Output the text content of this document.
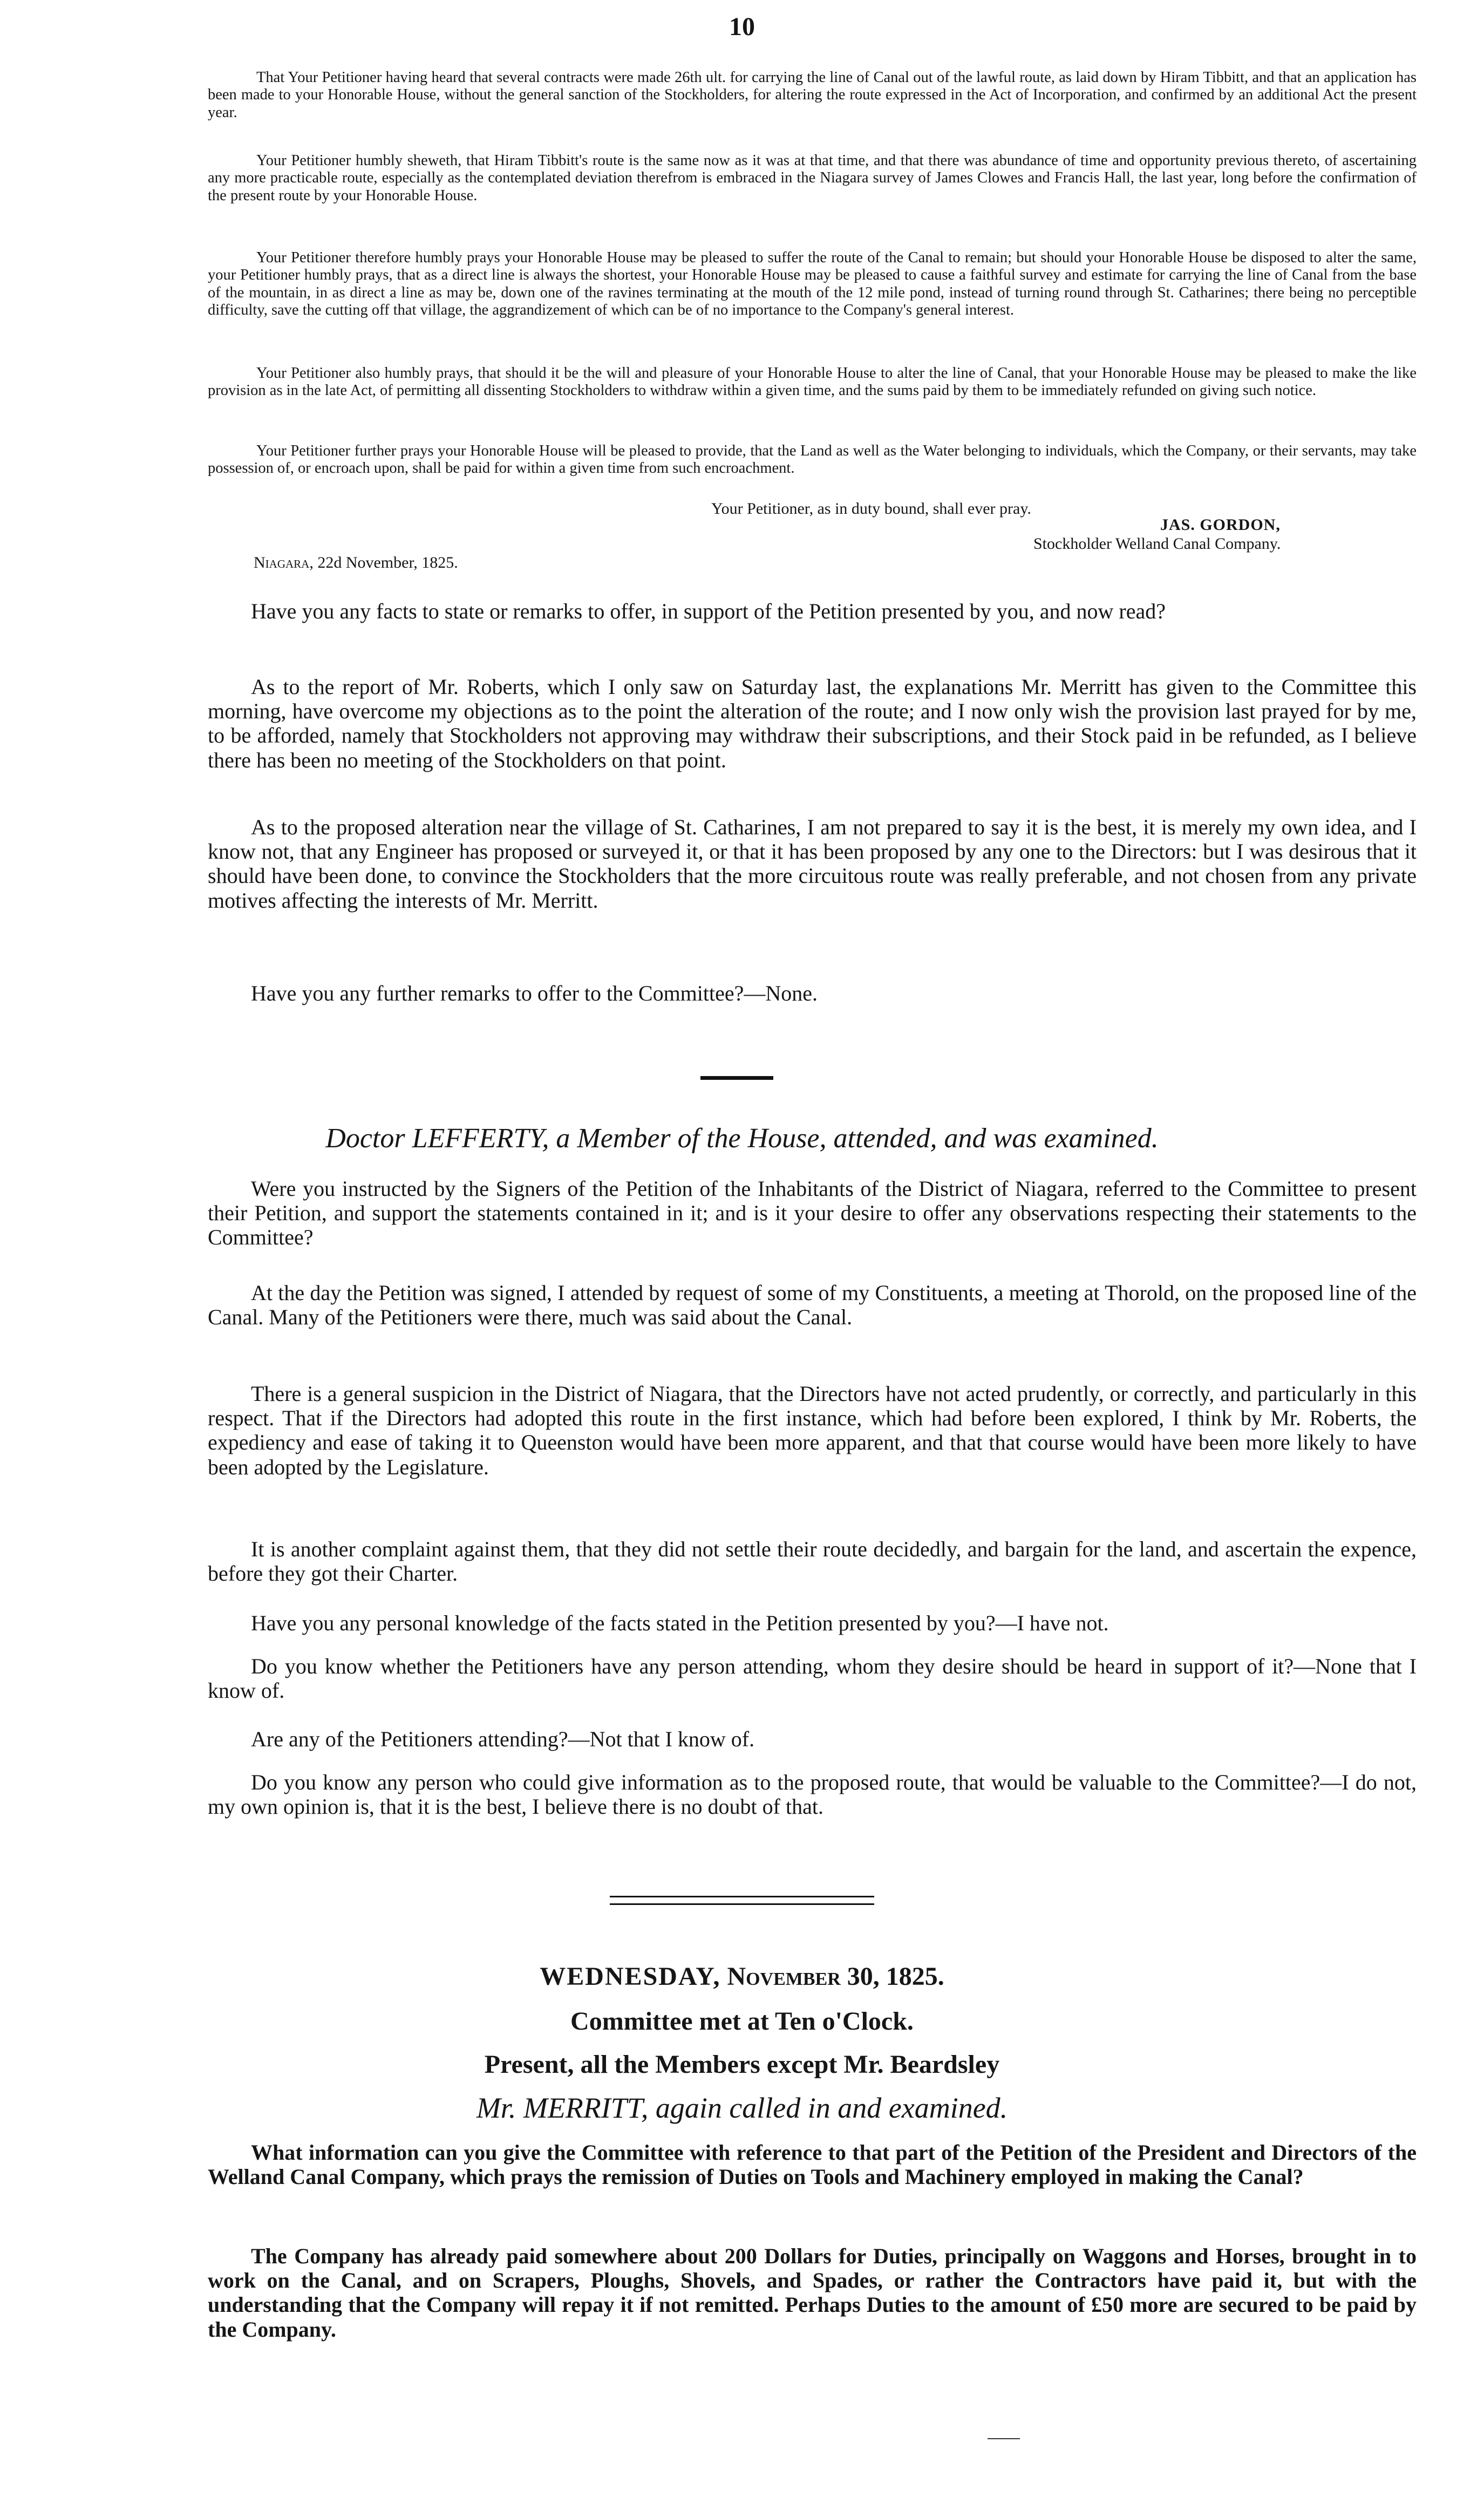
10

That Your Petitioner having heard that several contracts were made 26th ult. for carrying the line of Canal out of the lawful route, as laid down by Hiram Tibbitt, and that an application has been made to your Honorable House, without the general sanction of the Stockholders, for altering the route expressed in the Act of Incorporation, and confirmed by an additional Act the present year.

Your Petitioner humbly sheweth, that Hiram Tibbitt's route is the same now as it was at that time, and that there was abundance of time and opportunity previous thereto, of ascertaining any more practicable route, especially as the contemplated deviation therefrom is embraced in the Niagara survey of James Clowes and Francis Hall, the last year, long before the confirmation of the present route by your Honorable House.

Your Petitioner therefore humbly prays your Honorable House may be pleased to suffer the route of the Canal to remain; but should your Honorable House be disposed to alter the same, your Petitioner humbly prays, that as a direct line is always the shortest, your Honorable House may be pleased to cause a faithful survey and estimate for carrying the line of Canal from the base of the mountain, in as direct a line as may be, down one of the ravines terminating at the mouth of the 12 mile pond, instead of turning round through St. Catharines; there being no perceptible difficulty, save the cutting off that village, the aggrandizement of which can be of no importance to the Company's general interest.

Your Petitioner also humbly prays, that should it be the will and pleasure of your Honorable House to alter the line of Canal, that your Honorable House may be pleased to make the like provision as in the late Act, of permitting all dissenting Stockholders to withdraw within a given time, and the sums paid by them to be immediately refunded on giving such notice.

Your Petitioner further prays your Honorable House will be pleased to provide, that the Land as well as the Water belonging to individuals, which the Company, or their servants, may take possession of, or encroach upon, shall be paid for within a given time from such encroachment.

Your Petitioner, as in duty bound, shall ever pray.
JAS. GORDON,
Stockholder Welland Canal Company.
Niagara, 22d November, 1825.

Have you any facts to state or remarks to offer, in support of the Petition presented by you, and now read?

As to the report of Mr. Roberts, which I only saw on Saturday last, the explanations Mr. Merritt has given to the Committee this morning, have overcome my objections as to the point the alteration of the route; and I now only wish the provision last prayed for by me, to be afforded, namely that Stockholders not approving may withdraw their subscriptions, and their Stock paid in be refunded, as I believe there has been no meeting of the Stockholders on that point.

As to the proposed alteration near the village of St. Catharines, I am not prepared to say it is the best, it is merely my own idea, and I know not, that any Engineer has proposed or surveyed it, or that it has been proposed by any one to the Directors: but I was desirous that it should have been done, to convince the Stockholders that the more circuitous route was really preferable, and not chosen from any private motives affecting the interests of Mr. Merritt.

Have you any further remarks to offer to the Committee?—None.

Doctor LEFFERTY, a Member of the House, attended, and was examined.

Were you instructed by the Signers of the Petition of the Inhabitants of the District of Niagara, referred to the Committee to present their Petition, and support the statements contained in it; and is it your desire to offer any observations respecting their statements to the Committee?

At the day the Petition was signed, I attended by request of some of my Constituents, a meeting at Thorold, on the proposed line of the Canal. Many of the Petitioners were there, much was said about the Canal.

There is a general suspicion in the District of Niagara, that the Directors have not acted prudently, or correctly, and particularly in this respect. That if the Directors had adopted this route in the first instance, which had before been explored, I think by Mr. Roberts, the expediency and ease of taking it to Queenston would have been more apparent, and that that course would have been more likely to have been adopted by the Legislature.

It is another complaint against them, that they did not settle their route decidedly, and bargain for the land, and ascertain the expence, before they got their Charter.

Have you any personal knowledge of the facts stated in the Petition presented by you?—I have not.

Do you know whether the Petitioners have any person attending, whom they desire should be heard in support of it?—None that I know of.

Are any of the Petitioners attending?—Not that I know of.

Do you know any person who could give information as to the proposed route, that would be valuable to the Committee?—I do not, my own opinion is, that it is the best, I believe there is no doubt of that.

WEDNESDAY, November 30, 1825.
Committee met at Ten o'Clock.
Present, all the Members except Mr. Beardsley
Mr. MERRITT, again called in and examined.

What information can you give the Committee with reference to that part of the Petition of the President and Directors of the Welland Canal Company, which prays the remission of Duties on Tools and Machinery employed in making the Canal?

The Company has already paid somewhere about 200 Dollars for Duties, principally on Waggons and Horses, brought in to work on the Canal, and on Scrapers, Ploughs, Shovels, and Spades, or rather the Contractors have paid it, but with the understanding that the Company will repay it if not remitted. Perhaps Duties to the amount of £50 more are secured to be paid by the Company.
